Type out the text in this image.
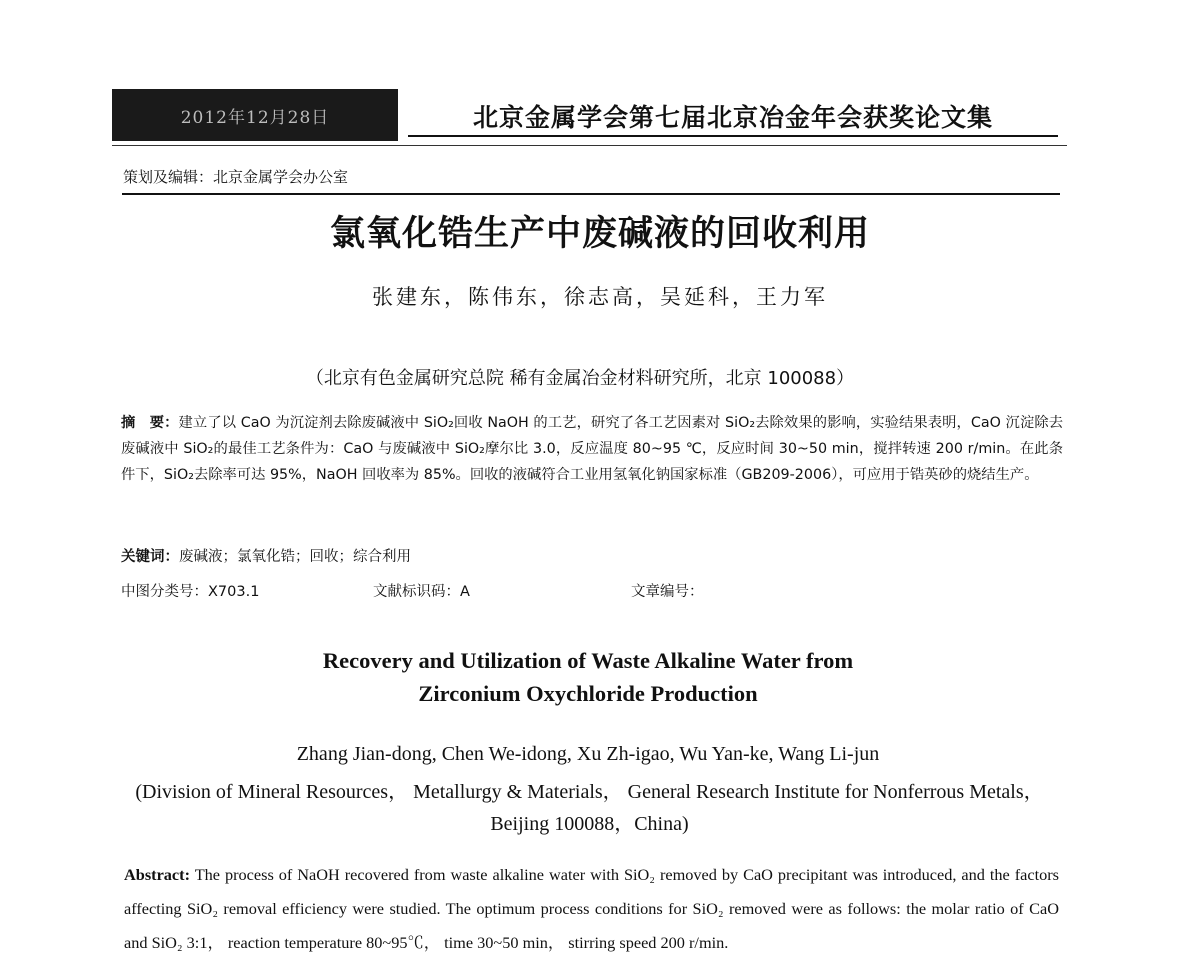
2012年12月28日	北京金属学会第七届北京冶金年会获奖论文集
策划及编辑：北京金属学会办公室
氯氧化锆生产中废碱液的回收利用
张建东，陈伟东，徐志高，吴延科，王力军
（北京有色金属研究总院 稀有金属冶金材料研究所，北京 100088）
摘　要：建立了以 CaO 为沉淀剂去除废碱液中 SiO₂回收 NaOH 的工艺，研究了各工艺因素对 SiO₂去除效果的影响，实验结果表明，CaO 沉淀除去废碱液中 SiO₂的最佳工艺条件为：CaO 与废碱液中 SiO₂摩尔比 3.0，反应温度 80~95 ℃，反应时间 30~50 min，搅拌转速 200 r/min。在此条件下，SiO₂去除率可达 95%，NaOH 回收率为 85%。回收的液碱符合工业用氢氧化钠国家标准（GB209-2006），可应用于锆英砂的烧结生产。
关键词：废碱液；氯氧化锆；回收；综合利用
中图分类号：X703.1	文献标识码：A	文章编号：
Recovery and Utilization of Waste Alkaline Water from
Zirconium Oxychloride Production
Zhang Jian-dong, Chen We-idong, Xu Zh-igao, Wu Yan-ke, Wang Li-jun
(Division of Mineral Resources， Metallurgy & Materials， General Research Institute for Nonferrous Metals，Beijing 100088，China)
Abstract: The process of NaOH recovered from waste alkaline water with SiO₂ removed by CaO precipitant was introduced, and the factors affecting SiO₂ removal efficiency were studied. The optimum process conditions for SiO₂ removed were as follows: the molar ratio of CaO and SiO₂ 3:1， reaction temperature 80~95℃， time 30~50 min， stirring speed 200 r/min.
